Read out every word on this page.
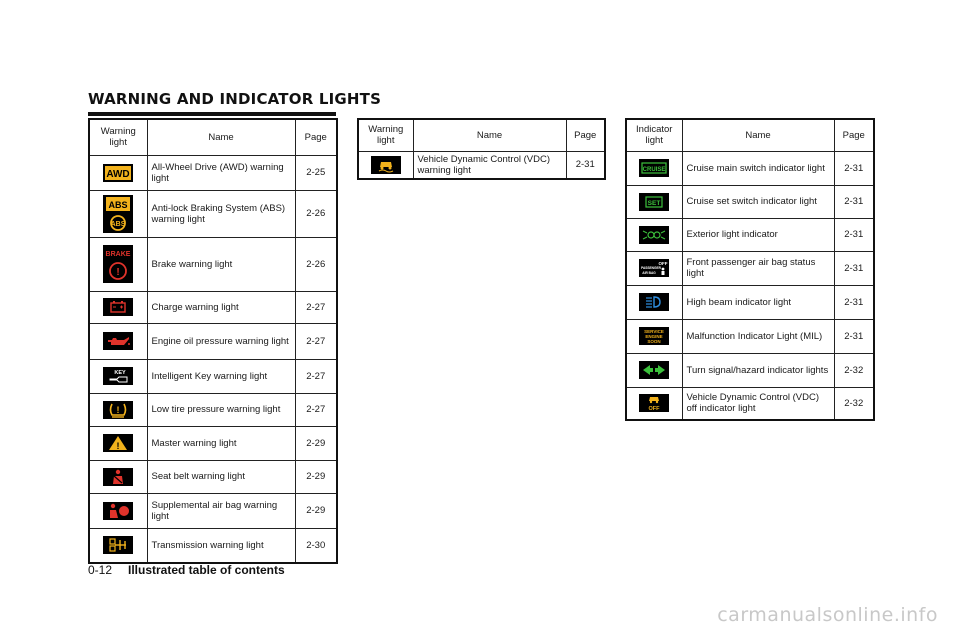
WARNING AND INDICATOR LIGHTS
Warning light	Name	Page

AWD	All-Wheel Drive (AWD) warning light	2-25

ABS
ABS	Anti-lock Braking System (ABS) warning light	2-26

BRAKE
!	Brake warning light	2-26

	Charge warning light	2-27

	Engine oil pressure warning light	2-27

KEY	Intelligent Key warning light	2-27

!	Low tire pressure warning light	2-27

!	Master warning light	2-29

	Seat belt warning light	2-29

	Supplemental air bag warning light	2-29

	Transmission warning light	2-30
Warning light	Name	Page

	Vehicle Dynamic Control (VDC) warning light	2-31
Indicator light	Name	Page

CRUISE	Cruise main switch indicator light	2-31

SET	Cruise set switch indicator light	2-31

	Exterior light indicator	2-31

OFF
PASSENGER
AIR BAG	Front passenger air bag status light	2-31

	High beam indicator light	2-31

SERVICE
ENGINE
SOON	Malfunction Indicator Light (MIL)	2-31

	Turn signal/hazard indicator lights	2-32

OFF	Vehicle Dynamic Control (VDC) off indicator light	2-32
0-12 Illustrated table of contents
carmanualsonline.info
